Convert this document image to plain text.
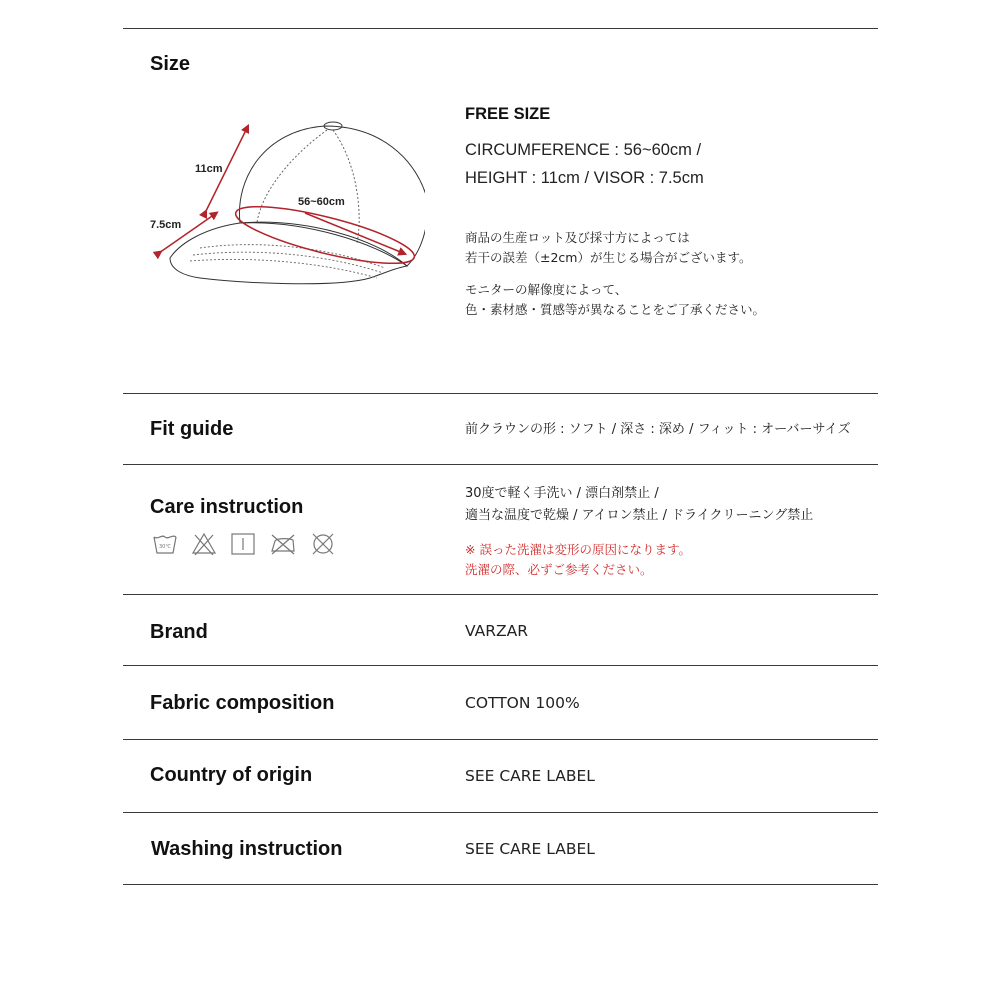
Size
11cm
7.5cm
56~60cm
FREE SIZE
CIRCUMFERENCE : 56~60cm /
HEIGHT : 11cm / VISOR : 7.5cm
商品の生産ロット及び採寸方によっては
若干の誤差（±2cm）が生じる場合がございます。
モニターの解像度によって、
色・素材感・質感等が異なることをご了承ください。
Fit guide	前クラウンの形 : ソフト / 深さ : 深め / フィット : オーバーサイズ
Care instruction
30℃
30度で軽く手洗い / 漂白剤禁止 /
適当な温度で乾燥 / アイロン禁止 / ドライクリーニング禁止
※ 誤った洗濯は変形の原因になります。
洗濯の際、必ずご参考ください。
Brand	VARZAR
Fabric composition	COTTON 100%
Country of origin	SEE CARE LABEL
Washing instruction	SEE CARE LABEL
